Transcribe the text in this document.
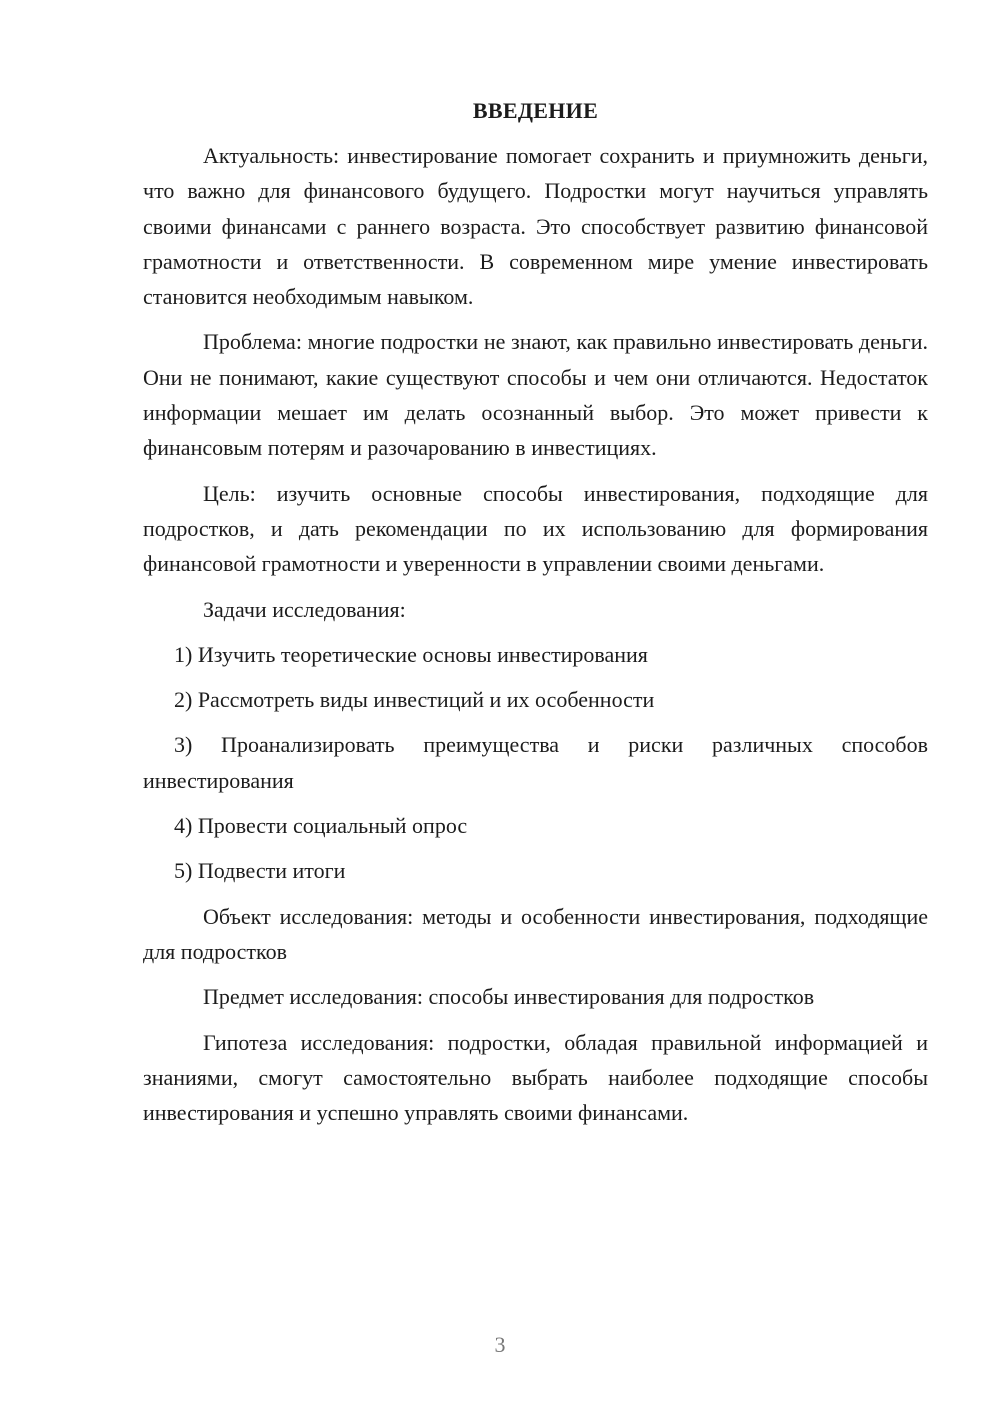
ВВЕДЕНИЕ

Актуальность: инвестирование помогает сохранить и приумножить деньги, что важно для финансового будущего. Подростки могут научиться управлять своими финансами с раннего возраста. Это способствует развитию финансовой грамотности и ответственности. В современном мире умение инвестировать становится необходимым навыком.

Проблема: многие подростки не знают, как правильно инвестировать деньги. Они не понимают, какие существуют способы и чем они отличаются. Недостаток информации мешает им делать осознанный выбор. Это может привести к финансовым потерям и разочарованию в инвестициях.

Цель: изучить основные способы инвестирования, подходящие для подростков, и дать рекомендации по их использованию для формирования финансовой грамотности и уверенности в управлении своими деньгами.

Задачи исследования:

1) Изучить теоретические основы инвестирования

2) Рассмотреть виды инвестиций и их особенности

3) Проанализировать преимущества и риски различных способов инвестирования

4) Провести социальный опрос

5) Подвести итоги

Объект исследования: методы и особенности инвестирования, подходящие для подростков

Предмет исследования: способы инвестирования для подростков

Гипотеза исследования: подростки, обладая правильной информацией и знаниями, смогут самостоятельно выбрать наиболее подходящие способы инвестирования и успешно управлять своими финансами.

3
